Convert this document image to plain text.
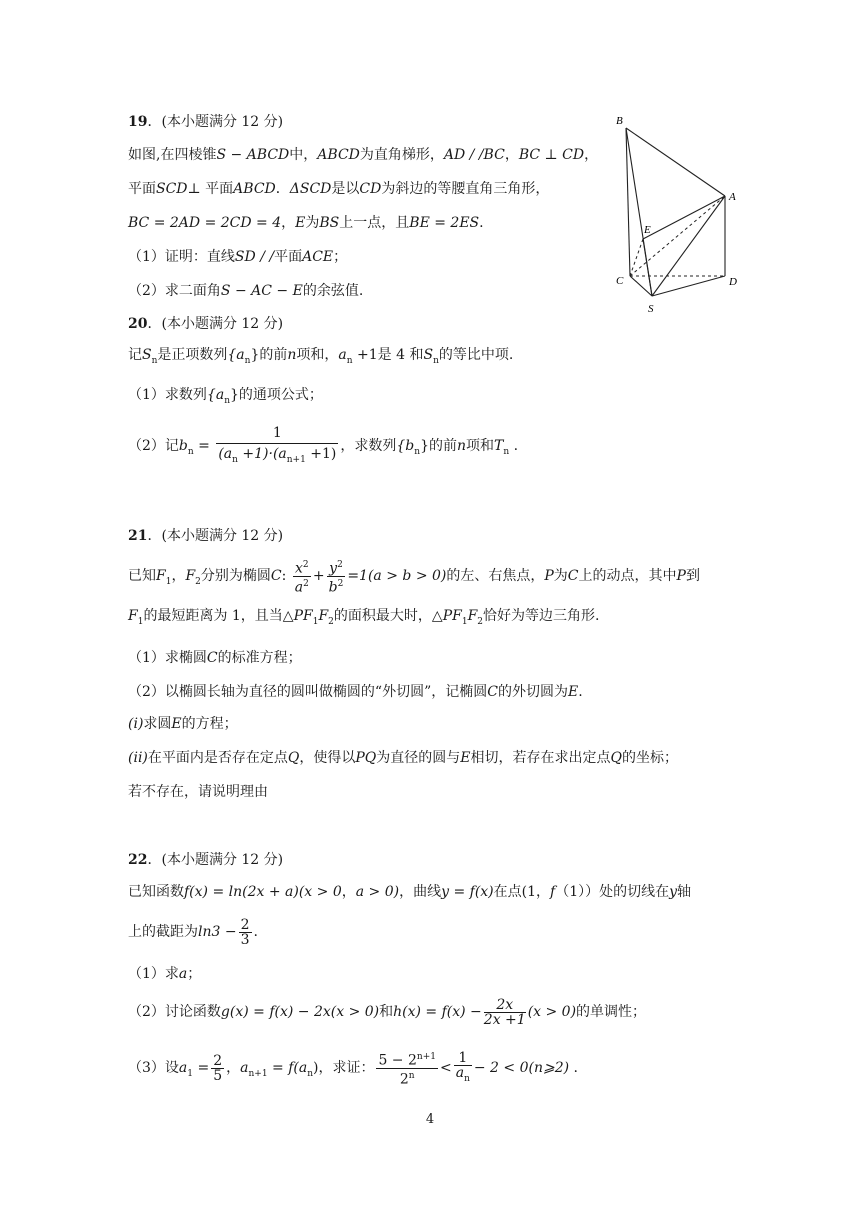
19．(本小题满分 12 分)
如图,在四棱锥S − ABCD中，ABCD为直角梯形，AD / /BC，BC ⊥ CD，
平面SCD⊥ 平面ABCD．ΔSCD是以CD为斜边的等腰直角三角形，
BC = 2AD = 2CD = 4，E为BS上一点，且BE = 2ES.
（1）证明：直线SD / /平面ACE；
（2）求二面角S − AC − E的余弦值.
B
A
E
C	D
S
20．(本小题满分 12 分)
记$S_n$是正项数列$\{a_n\}$的前n项和，$a_n +1$是 4 和$S_n$的等比中项.
（1）求数列$\{a_n\}$的通项公式；
（2）记$b_n = \frac{1}{(a_n +1)\cdot(a_{n+1} +1)}$ ，求数列$\{b_n\}$的前n项和$T_n$ .
21．(本小题满分 12 分)
已知$F_1$，$F_2$分别为椭圆C: $\frac{x^2}{a^2} + \frac{y^2}{b^2} =1(a > b > 0)$的左、右焦点，P为C上的动点，其中P到
$F_1$的最短距离为 1，且当$\triangle PF_1F_2$的面积最大时，$\triangle PF_1F_2$恰好为等边三角形.
（1）求椭圆C的标准方程；
（2）以椭圆长轴为直径的圆叫做椭圆的“外切圆”，记椭圆C的外切圆为E.
(i)求圆E的方程；
(ii)在平面内是否存在定点Q，使得以PQ为直径的圆与E相切，若存在求出定点Q的坐标；
若不存在，请说明理由
22．(本小题满分 12 分)
已知函数f(x) = ln(2x + a)(x > 0，a > 0)，曲线y = f(x)在点(1，f（1））处的切线在y轴
上的截距为$\ln 3 - \frac{2}{3}$ .
（1）求a；
（2）讨论函数g(x) = f(x) − 2x(x > 0)和$h(x) = f(x) - \frac{2x}{2x +1} (x > 0)$的单调性；
（3）设$a_1 = \frac{2}{5}$ ，$a_{n+1} = f(a_n)$，求证： $\frac{5 - 2^{n+1}}{2^n} < \frac{1}{a_n} - 2$ < 0(n⩾2) .
4
